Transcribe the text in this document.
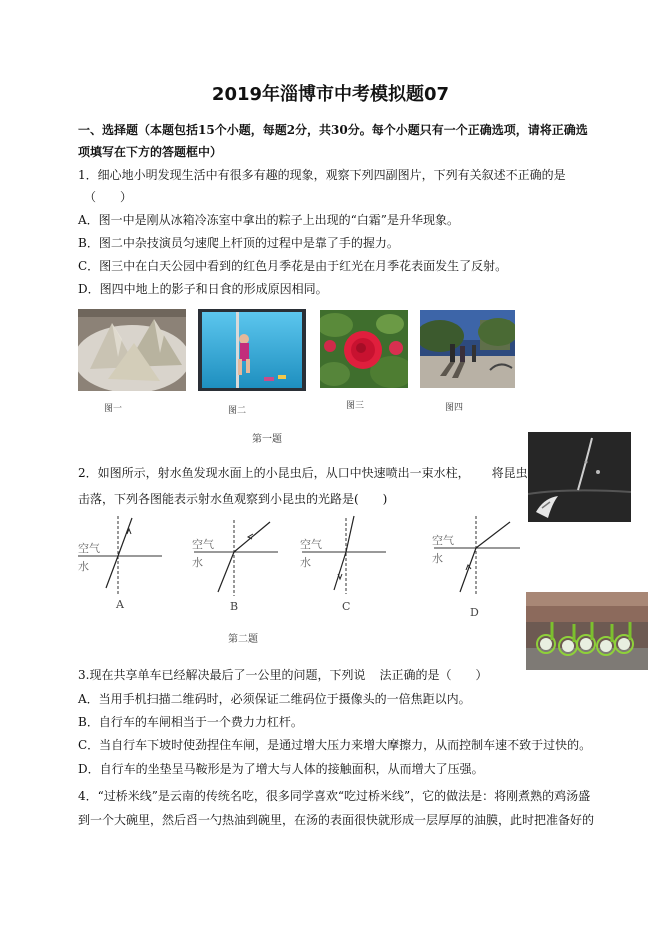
2019年淄博市中考模拟题07
一、选择题（本题包括15个小题，每题2分，共30分。每个小题只有一个正确选项，请将正确选
项填写在下方的答题框中）
1．细心地小明发现生活中有很多有趣的现象，观察下列四副图片，下列有关叙述不正确的是
（　　）
A．图一中是刚从冰箱冷冻室中拿出的粽子上出现的“白霜”是升华现象。
B．图二中杂技演员匀速爬上杆顶的过程中是靠了手的握力。
C．图三中在白天公园中看到的红色月季花是由于红光在月季花表面发生了反射。
D．图四中地上的影子和日食的形成原因相同。
图一	图二	图三	图四
第一题
2．如图所示，射水鱼发现水面上的小昆虫后，从口中快速喷出一束水柱， 将昆虫
击落，下列各图能表示射水鱼观察到小昆虫的光路是(　　)
空气
水
A
空气
水
B
空气
水
C
空气
水
D
第二题
3.现在共享单车已经解决最后了一公里的问题，下列说 法正确的是（　　）
A．当用手机扫描二维码时，必须保证二维码位于摄像头的一倍焦距以内。
B．自行车的车闸相当于一个费力力杠杆。
C．当自行车下坡时使劲捏住车闸，是通过增大压力来增大摩擦力，从而控制车速不致于过快的。
D．自行车的坐垫呈马鞍形是为了增大与人体的接触面积，从而增大了压强。
4．“过桥米线”是云南的传统名吃，很多同学喜欢“吃过桥米线”，它的做法是：将刚煮熟的鸡汤盛
到一个大碗里，然后舀一勺热油到碗里，在汤的表面很快就形成一层厚厚的油膜，此时把准备好的
